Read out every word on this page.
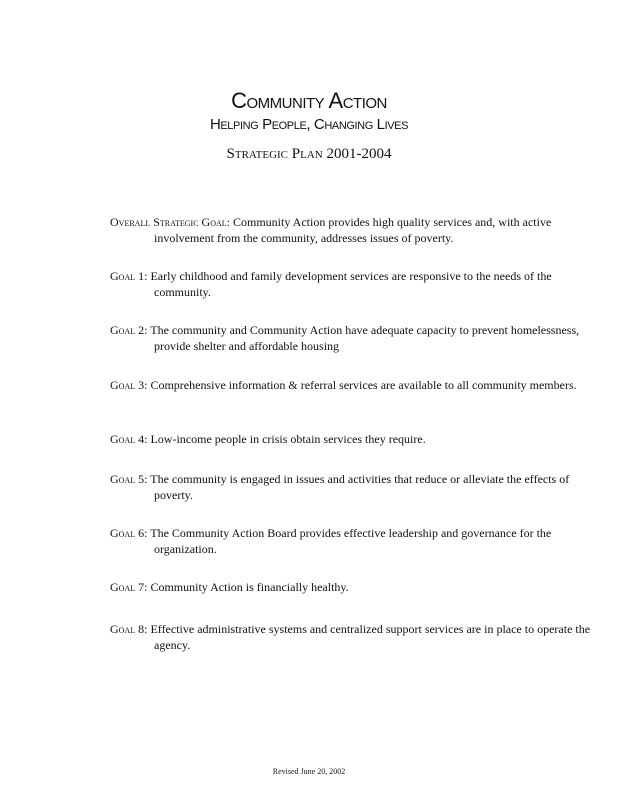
Community Action
Helping People, Changing Lives
Strategic Plan 2001-2004
Overall Strategic Goal: Community Action provides high quality services and, with active involvement from the community, addresses issues of poverty.
Goal 1: Early childhood and family development services are responsive to the needs of the community.
Goal 2: The community and Community Action have adequate capacity to prevent homelessness, provide shelter and affordable housing
Goal 3: Comprehensive information & referral services are available to all community members.
Goal 4: Low-income people in crisis obtain services they require.
Goal 5: The community is engaged in issues and activities that reduce or alleviate the effects of poverty.
Goal 6: The Community Action Board provides effective leadership and governance for the organization.
Goal 7: Community Action is financially healthy.
Goal 8: Effective administrative systems and centralized support services are in place to operate the agency.
Revised June 20, 2002
